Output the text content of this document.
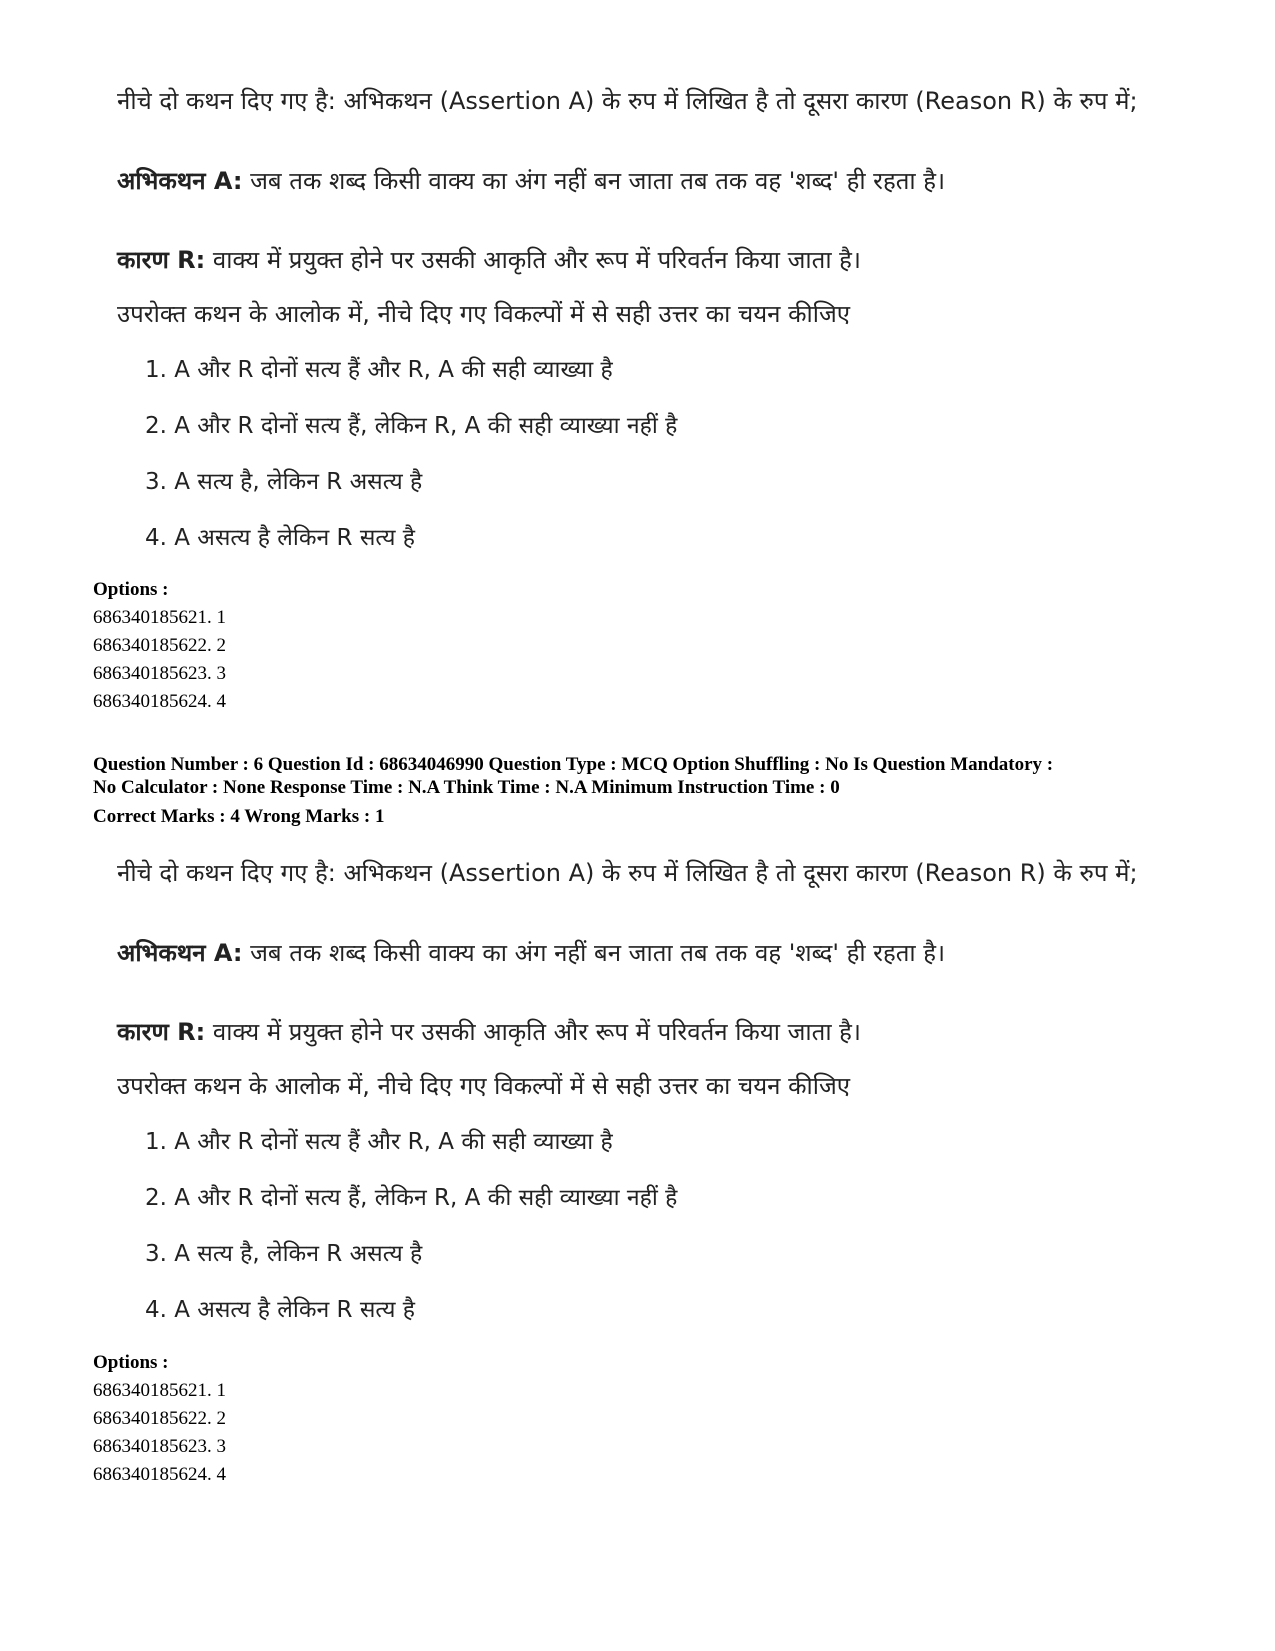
नीचे दो कथन दिए गए है: अभिकथन (Assertion A) के रुप में लिखित है तो दूसरा कारण (Reason R) के रुप में;
अभिकथन A: जब तक शब्द किसी वाक्य का अंग नहीं बन जाता तब तक वह 'शब्द' ही रहता है।
कारण R: वाक्य में प्रयुक्त होने पर उसकी आकृति और रूप में परिवर्तन किया जाता है।
उपरोक्त कथन के आलोक में, नीचे दिए गए विकल्पों में से सही उत्तर का चयन कीजिए
1. A और R दोनों सत्य हैं और R, A की सही व्याख्या है
2. A और R दोनों सत्य हैं, लेकिन R, A की सही व्याख्या नहीं है
3. A सत्य है, लेकिन R असत्य है
4. A असत्य है लेकिन R सत्य है
Options :
686340185621. 1
686340185622. 2
686340185623. 3
686340185624. 4
Question Number : 6 Question Id : 68634046990 Question Type : MCQ Option Shuffling : No Is Question Mandatory :
No Calculator : None Response Time : N.A Think Time : N.A Minimum Instruction Time : 0
Correct Marks : 4 Wrong Marks : 1
नीचे दो कथन दिए गए है: अभिकथन (Assertion A) के रुप में लिखित है तो दूसरा कारण (Reason R) के रुप में;
अभिकथन A: जब तक शब्द किसी वाक्य का अंग नहीं बन जाता तब तक वह 'शब्द' ही रहता है।
कारण R: वाक्य में प्रयुक्त होने पर उसकी आकृति और रूप में परिवर्तन किया जाता है।
उपरोक्त कथन के आलोक में, नीचे दिए गए विकल्पों में से सही उत्तर का चयन कीजिए
1. A और R दोनों सत्य हैं और R, A की सही व्याख्या है
2. A और R दोनों सत्य हैं, लेकिन R, A की सही व्याख्या नहीं है
3. A सत्य है, लेकिन R असत्य है
4. A असत्य है लेकिन R सत्य है
Options :
686340185621. 1
686340185622. 2
686340185623. 3
686340185624. 4
